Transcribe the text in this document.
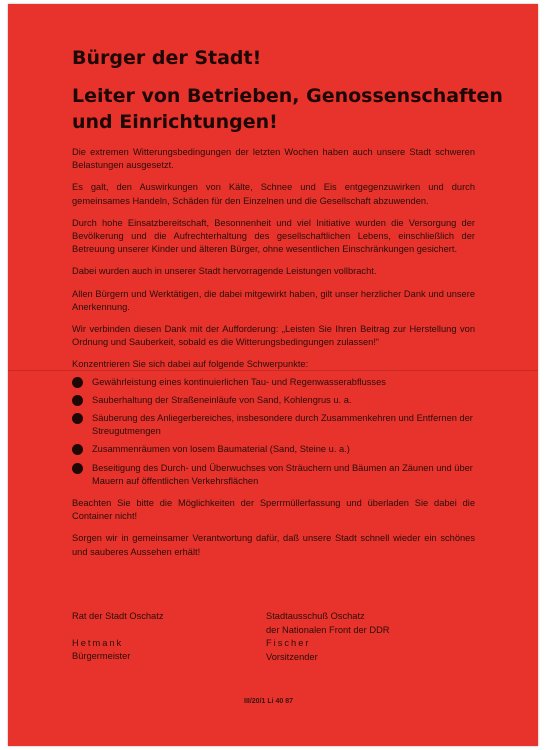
Bürger der Stadt!
Leiter von Betrieben, Genossenschaften und Einrichtungen!

Die extremen Witterungsbedingungen der letzten Wochen haben auch unsere Stadt schweren Belastungen ausgesetzt.

Es galt, den Auswirkungen von Kälte, Schnee und Eis entgegenzuwirken und durch gemeinsames Handeln, Schäden für den Einzelnen und die Gesellschaft abzuwenden.

Durch hohe Einsatzbereitschaft, Besonnenheit und viel Initiative wurden die Versorgung der Bevölkerung und die Aufrechterhaltung des gesellschaftlichen Lebens, einschließlich der Betreuung unserer Kinder und älteren Bürger, ohne wesentlichen Einschränkungen gesichert.

Dabei wurden auch in unserer Stadt hervorragende Leistungen vollbracht.

Allen Bürgern und Werktätigen, die dabei mitgewirkt haben, gilt unser herzlicher Dank und unsere Anerkennung.

Wir verbinden diesen Dank mit der Aufforderung: „Leisten Sie Ihren Beitrag zur Herstellung von Ordnung und Sauberkeit, sobald es die Witterungsbedingungen zulassen!“

Konzentrieren Sie sich dabei auf folgende Schwerpunkte:

Gewährleistung eines kontinuierlichen Tau- und Regenwasserabflusses
Sauberhaltung der Straßeneinläufe von Sand, Kohlengrus u. a.
Säuberung des Anliegerbereiches, insbesondere durch Zusammenkehren und Entfernen der Streugutmengen
Zusammenräumen von losem Baumaterial (Sand, Steine u. a.)
Beseitigung des Durch- und Überwuchses von Sträuchern und Bäumen an Zäunen und über Mauern auf öffentlichen Verkehrsflächen

Beachten Sie bitte die Möglichkeiten der Sperrmüllerfassung und überladen Sie dabei die Container nicht!

Sorgen wir in gemeinsamer Verantwortung dafür, daß unsere Stadt schnell wieder ein schönes und sauberes Aussehen erhält!

Rat der Stadt Oschatz
Hetmank
Bürgermeister
Stadtausschuß Oschatz
der Nationalen Front der DDR
Fischer
Vorsitzender
III/20/1 Li 40 87
